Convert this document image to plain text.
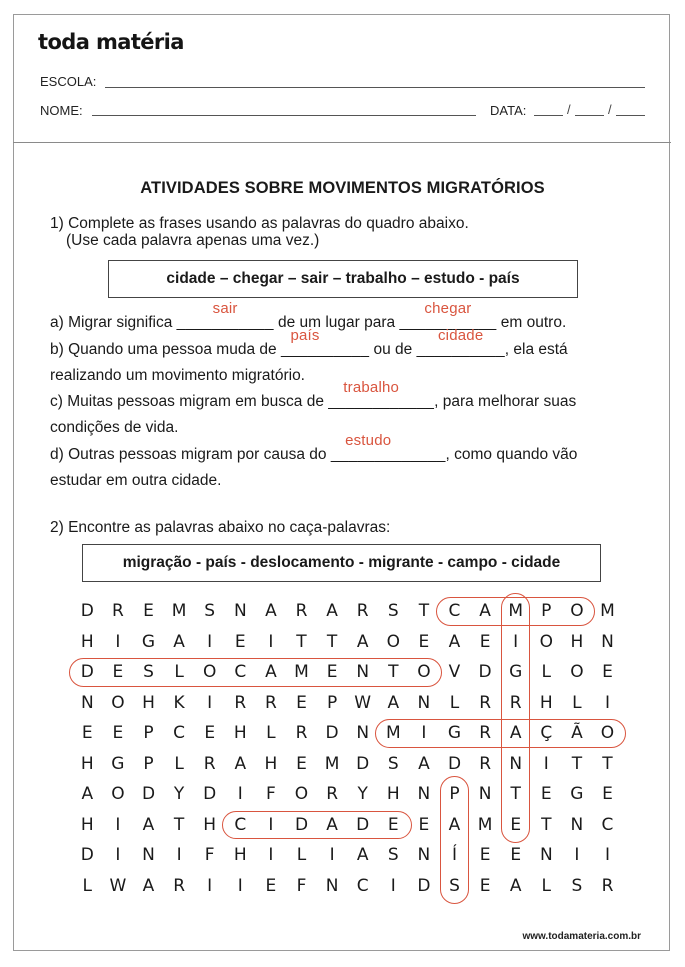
toda matéria
ESCOLA:
NOME:	DATA:	/	/
ATIVIDADES SOBRE MOVIMENTOS MIGRATÓRIOS
1) Complete as frases usando as palavras do quadro abaixo.
(Use cada palavra apenas uma vez.)
cidade – chegar – sair – trabalho – estudo - país
a) Migrar significa ___________
sair
de um lugar para ___________
chegar
em outro.
b) Quando uma pessoa muda de __________
país
ou de __________
cidade
, ela está
realizando um movimento migratório.
c) Muitas pessoas migram em busca de ____________
trabalho
, para melhorar suas
condições de vida.
d) Outras pessoas migram por causa do _____________
estudo
, como quando vão
estudar em outra cidade.
2) Encontre as palavras abaixo no caça-palavras:
migração - país - deslocamento - migrante - campo - cidade
D	R	E	M	S	N	A	R	A	R	S	T	C	A	M	P	O M
H	I	G	A	I	E	I	T	T	A	O	E	A	E	I	O	H	N
D	E	S	L	O	C	A	M	E	N	T	O	V	D	G	L	O	E
N	O	H	K	I	R	R	E	P	W A	N	L	R	R	H	L	I
E	E	P	C	E	H	L	R	D	N M	I	G	R	A	Ç	Ã	O
H	G	P	L	R	A	H	E	M D	S	A	D	R	N	I	T	T
A	O	D	Y	D	I	F	O	R	Y	H	N	P	N	T	E	G	E
H	I	A	T	H	C	I	D	A	D	E	E	A	M	E	T	N	C
D	I	N	I	F	H	I	L	I	A	S	N	Í	E	E	N	I	I
L	W A	R	I	I	E	F	N	C	I	D	S	E	A	L	S	R
www.todamateria.com.br
